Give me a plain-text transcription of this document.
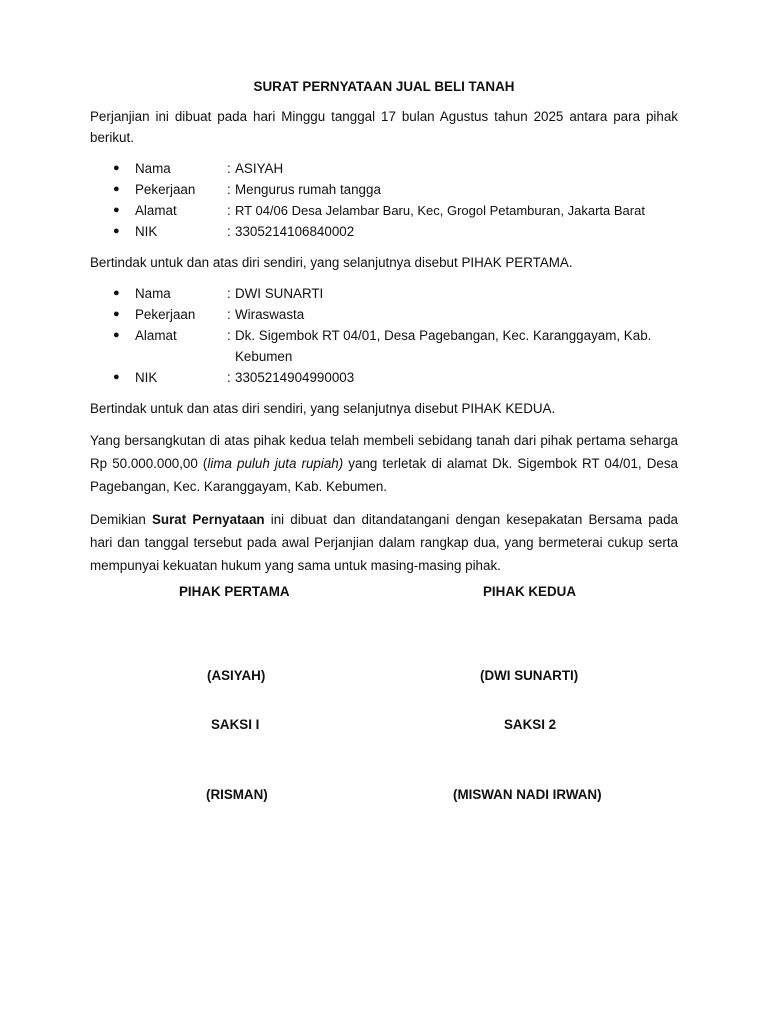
SURAT PERNYATAAN JUAL BELI TANAH

Perjanjian ini dibuat pada hari Minggu tanggal 17 bulan Agustus tahun 2025 antara para pihak berikut.

● Nama	: ASIYAH
● Pekerjaan	: Mengurus rumah tangga
● Alamat	: RT 04/06 Desa Jelambar Baru, Kec, Grogol Petamburan, Jakarta Barat
● NIK	: 3305214106840002

Bertindak untuk dan atas diri sendiri, yang selanjutnya disebut PIHAK PERTAMA.

● Nama	: DWI SUNARTI
● Pekerjaan	: Wiraswasta
● Alamat	: Dk. Sigembok RT 04/01, Desa Pagebangan, Kec. Karanggayam, Kab. Kebumen
● NIK	: 3305214904990003

Bertindak untuk dan atas diri sendiri, yang selanjutnya disebut PIHAK KEDUA.

Yang bersangkutan di atas pihak kedua telah membeli sebidang tanah dari pihak pertama seharga Rp 50.000.000,00 (lima puluh juta rupiah) yang terletak di alamat Dk. Sigembok RT 04/01, Desa Pagebangan, Kec. Karanggayam, Kab. Kebumen.

Demikian Surat Pernyataan ini dibuat dan ditandatangani dengan kesepakatan Bersama pada hari dan tanggal tersebut pada awal Perjanjian dalam rangkap dua, yang bermeterai cukup serta mempunyai kekuatan hukum yang sama untuk masing-masing pihak.

PIHAK PERTAMA	PIHAK KEDUA
(ASIYAH)	(DWI SUNARTI)
SAKSI I	SAKSI 2
(RISMAN)	(MISWAN NADI IRWAN)
